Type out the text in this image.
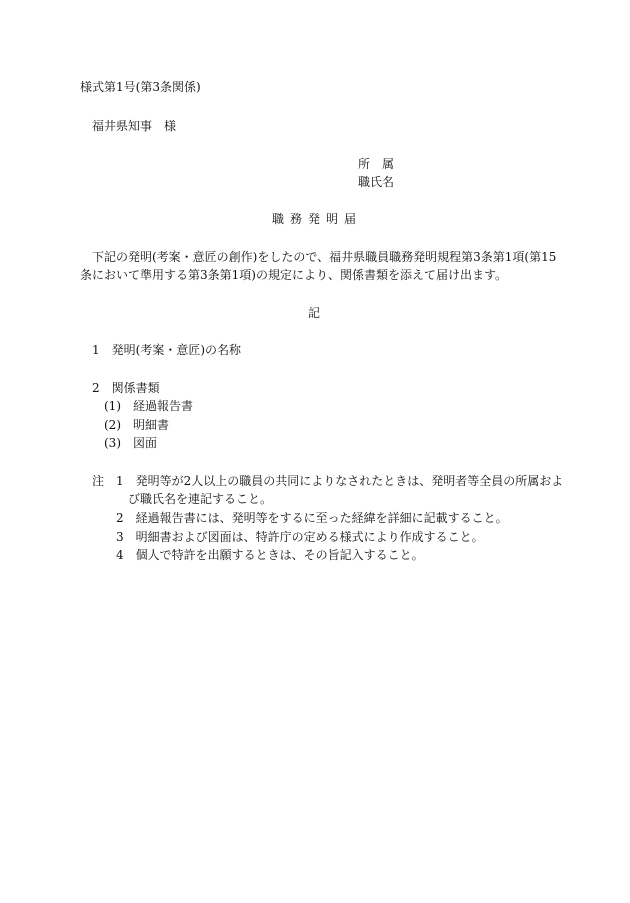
様式第1号(第3条関係)
福井県知事　様
所　属
職氏名
職務発明届
下記の発明(考案・意匠の創作)をしたので、福井県職員職務発明規程第3条第1項(第15
条において準用する第3条第1項)の規定により、関係書類を添えて届け出ます。
記
1　発明(考案・意匠)の名称
2　関係書類
(1)　経過報告書
(2)　明細書
(3)　図面
注　1　発明等が2人以上の職員の共同によりなされたときは、発明者等全員の所属およ
び職氏名を連記すること。
2　経過報告書には、発明等をするに至った経緯を詳細に記載すること。
3　明細書および図面は、特許庁の定める様式により作成すること。
4　個人で特許を出願するときは、その旨記入すること。
